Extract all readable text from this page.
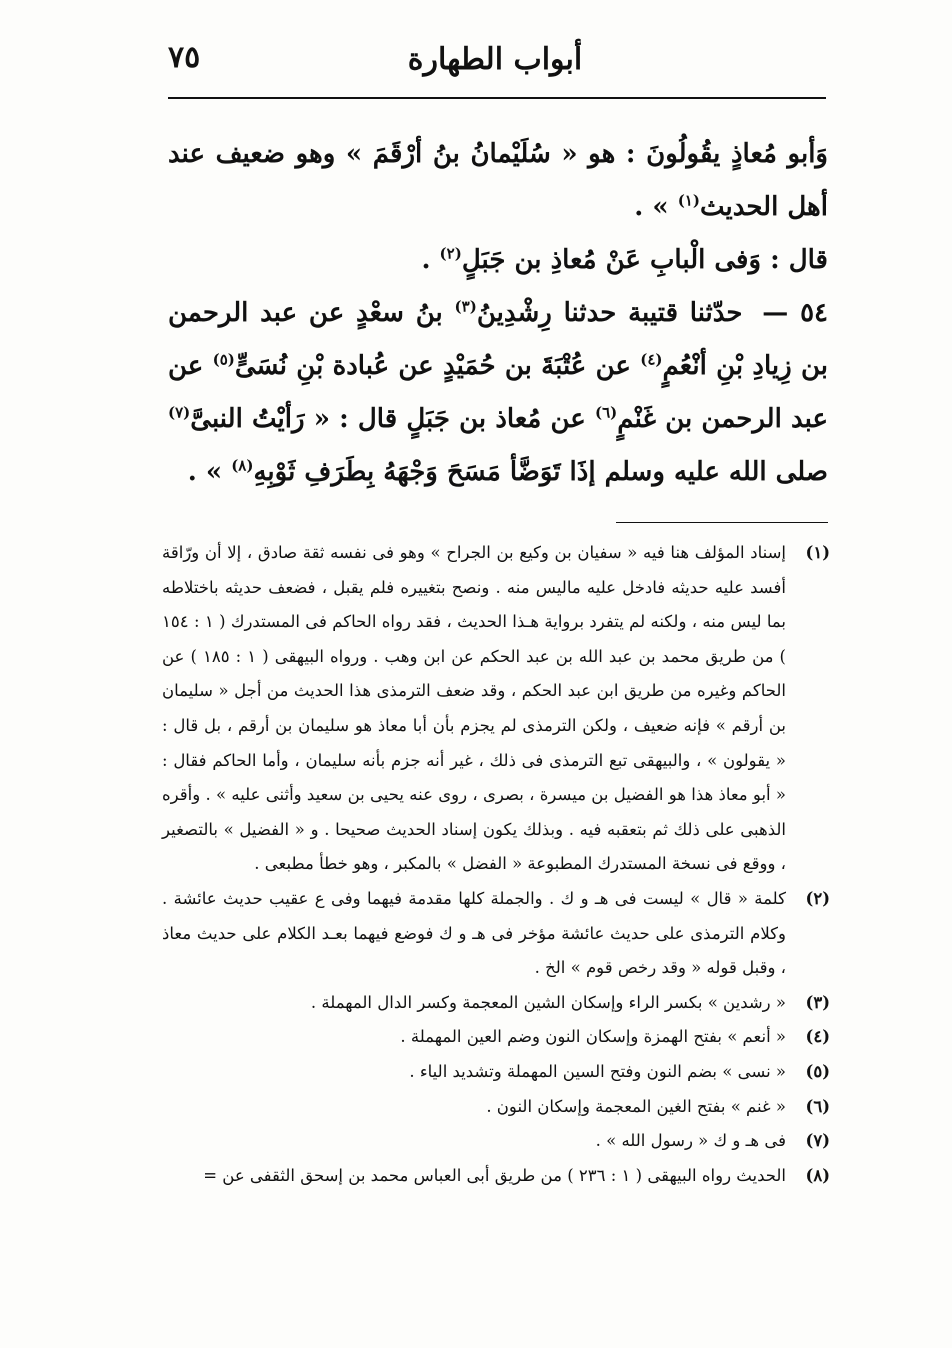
٧٥	أبواب الطهارة

وَأبو مُعاذٍ يقُولُونَ : هو « سُلَيْمانُ بنُ أرْقَمَ » وهو ضعيف عند أهل الحديث$^{(١)}$ » .

قال : وَفى الْبابِ عَنْ مُعاذِ بن جَبَلٍ$^{(٢)}$ .

٥٤ — حدّثنا قتيبة حدثنا رِشْدِينُ$^{(٣)}$ بنُ سعْدٍ عن عبد الرحمن بن زِيادِ بْنِ أنْعُمٍ$^{(٤)}$ عن عُتْبَةَ بن حُمَيْدٍ عن عُبادة بْنِ نُسَىٍّ$^{(٥)}$ عن عبد الرحمن بن غَنْمٍ$^{(٦)}$ عن مُعاذ بن جَبَلٍ قال : « رَأيْتُ النبىَّ$^{(٧)}$ صلى الله عليه وسلم إذَا تَوَضَّأ مَسَحَ وَجْهَهُ بِطَرَفِ ثَوْبِهِ$^{(٨)}$ » .

(١)
إسناد المؤلف هنا فيه « سفيان بن وكيع بن الجراح » وهو فى نفسه ثقة صادق ، إلا أن ورّاقة أفسد عليه حديثه فادخل عليه ماليس منه . ونصح بتغييره فلم يقبل ، فضعف حديثه باختلاطه بما ليس منه ، ولكنه لم يتفرد برواية هـذا الحديث ، فقد رواه الحاكم فى المستدرك ( ١ : ١٥٤ ) من طريق محمد بن عبد الله بن عبد الحكم عن ابن وهب . ورواه البيهقى ( ١ : ١٨٥ ) عن الحاكم وغيره من طريق ابن عبد الحكم ، وقد ضعف الترمذى هذا الحديث من أجل « سليمان بن أرقم » فإنه ضعيف ، ولكن الترمذى لم يجزم بأن أبا معاذ هو سليمان بن أرقم ، بل قال : « يقولون » ، والبيهقى تبع الترمذى فى ذلك ، غير أنه جزم بأنه سليمان ، وأما الحاكم فقال : « أبو معاذ هذا هو الفضيل بن ميسرة ، بصرى ، روى عنه يحيى بن سعيد وأثنى عليه » . وأقره الذهبى على ذلك ثم بتعقبه فيه . وبذلك يكون إسناد الحديث صحيحا . و « الفضيل » بالتصغير ، ووقع فى نسخة المستدرك المطبوعة « الفضل » بالمكبر ، وهو خطأ مطبعى .
(٢)
كلمة « قال » ليست فى هـ و ك . والجملة كلها مقدمة فيهما وفى ع عقيب حديث عائشة . وكلام الترمذى على حديث عائشة مؤخر فى هـ و ك فوضع فيهما بعـد الكلام على حديث معاذ ، وقبل قوله « وقد رخص قوم » الخ .
(٣)
« رشدين » بكسر الراء وإسكان الشين المعجمة وكسر الدال المهملة .
(٤)
« أنعم » بفتح الهمزة وإسكان النون وضم العين المهملة .
(٥)
« نسى » بضم النون وفتح السين المهملة وتشديد الياء .
(٦)
« غنم » بفتح الغين المعجمة وإسكان النون .
(٧)
فى هـ و ك « رسول الله » .
(٨)
الحديث رواه البيهقى ( ١ : ٢٣٦ ) من طريق أبى العباس محمد بن إسحق الثقفى عن =
